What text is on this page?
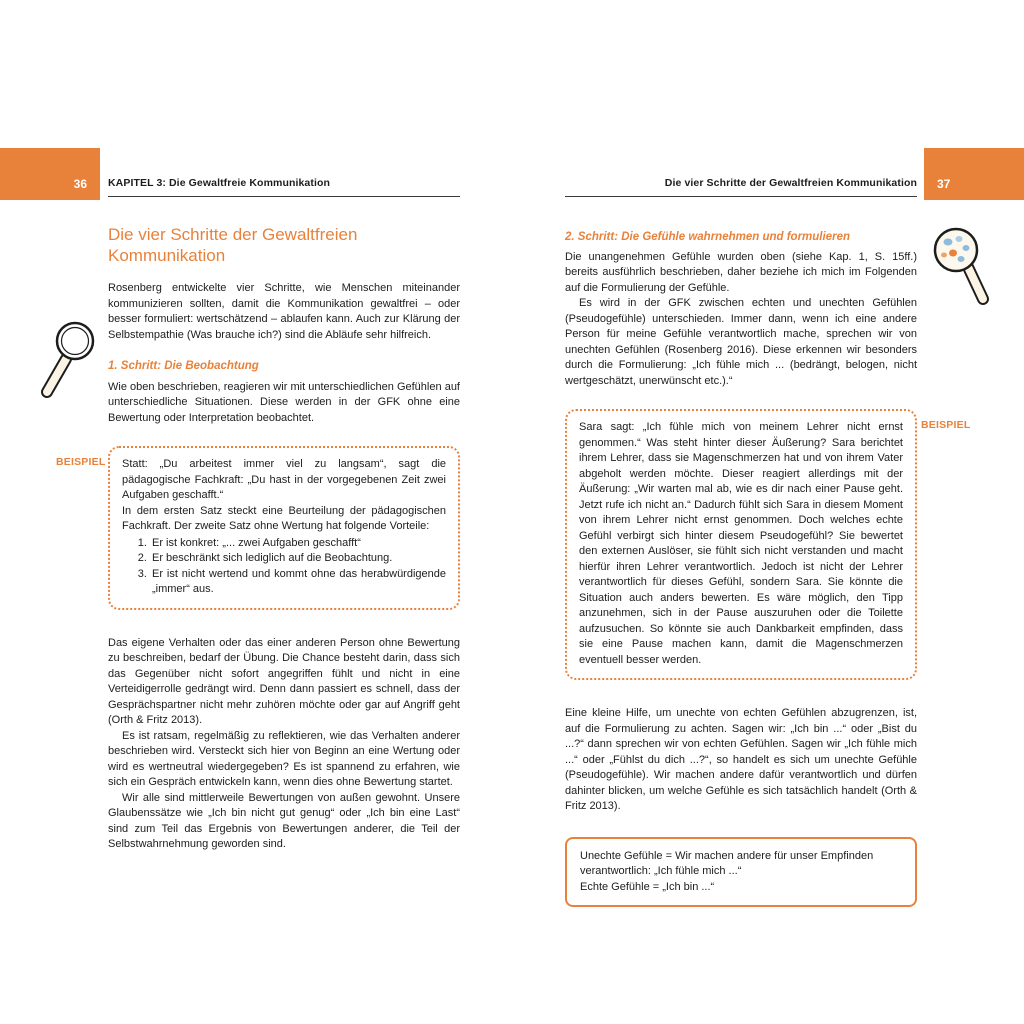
36	37
KAPITEL 3: Die Gewaltfreie Kommunikation	Die vier Schritte der Gewaltfreien Kommunikation
Die vier Schritte der Gewaltfreien Kommunikation

Rosenberg entwickelte vier Schritte, wie Menschen miteinander kommunizieren sollten, damit die Kommunikation gewaltfrei – oder besser formuliert: wertschätzend – ablaufen kann. Auch zur Klärung der Selbstempathie (Was brauche ich?) sind die Abläufe sehr hilfreich.

1. Schritt: Die Beobachtung

Wie oben beschrieben, reagieren wir mit unterschiedlichen Gefühlen auf unterschiedliche Situationen. Diese werden in der GFK ohne eine Bewertung oder Interpretation beobachtet.

BEISPIEL Statt: „Du arbeitest immer viel zu langsam“, sagt die pädagogische Fachkraft: „Du hast in der vorgegebenen Zeit zwei Aufgaben geschafft.“

In dem ersten Satz steckt eine Beurteilung der pädagogischen Fachkraft. Der zweite Satz ohne Wertung hat folgende Vorteile:

1. Er ist konkret: „... zwei Aufgaben geschafft“
2. Er beschränkt sich lediglich auf die Beobachtung.
3. Er ist nicht wertend und kommt ohne das herabwürdigende „immer“ aus.

Das eigene Verhalten oder das einer anderen Person ohne Bewertung zu beschreiben, bedarf der Übung. Die Chance besteht darin, dass sich das Gegenüber nicht sofort angegriffen fühlt und nicht in eine Verteidigerrolle gedrängt wird. Denn dann passiert es schnell, dass der Gesprächspartner nicht mehr zuhören möchte oder gar auf Angriff geht (Orth & Fritz 2013).

Es ist ratsam, regelmäßig zu reflektieren, wie das Verhalten anderer beschrieben wird. Versteckt sich hier von Beginn an eine Wertung oder wird es wertneutral wiedergegeben? Es ist spannend zu erfahren, wie sich ein Gespräch entwickeln kann, wenn dies ohne Bewertung startet.

Wir alle sind mittlerweile Bewertungen von außen gewohnt. Unsere Glaubenssätze wie „Ich bin nicht gut genug“ oder „Ich bin eine Last“ sind zum Teil das Ergebnis von Bewertungen anderer, die Teil der Selbstwahrnehmung geworden sind.

2. Schritt: Die Gefühle wahrnehmen und formulieren

Die unangenehmen Gefühle wurden oben (siehe Kap. 1, S. 15ff.) bereits ausführlich beschrieben, daher beziehe ich mich im Folgenden auf die Formulierung der Gefühle.

Es wird in der GFK zwischen echten und unechten Gefühlen (Pseudogefühle) unterschieden. Immer dann, wenn ich eine andere Person für meine Gefühle verantwortlich mache, sprechen wir von unechten Gefühlen (Rosenberg 2016). Diese erkennen wir besonders durch die Formulierung: „Ich fühle mich ... (bedrängt, belogen, nicht wertgeschätzt, unerwünscht etc.).“

BEISPIEL

Sara sagt: „Ich fühle mich von meinem Lehrer nicht ernst genommen.“ Was steht hinter dieser Äußerung? Sara berichtet ihrem Lehrer, dass sie Magenschmerzen hat und von ihrem Vater abgeholt werden möchte. Dieser reagiert allerdings mit der Äußerung: „Wir warten mal ab, wie es dir nach einer Pause geht. Jetzt rufe ich nicht an.“ Dadurch fühlt sich Sara in diesem Moment von ihrem Lehrer nicht ernst genommen. Doch welches echte Gefühl verbirgt sich hinter diesem Pseudogefühl? Sie bewertet den externen Auslöser, sie fühlt sich nicht verstanden und macht hierfür ihren Lehrer verantwortlich. Jedoch ist nicht der Lehrer verantwortlich für dieses Gefühl, sondern Sara. Sie könnte die Situation auch anders bewerten. Es wäre möglich, den Tipp anzunehmen, sich in der Pause auszuruhen oder die Toilette aufzusuchen. So könnte sie auch Dankbarkeit empfinden, dass sie eine Pause machen kann, damit die Magenschmerzen eventuell besser werden.

Eine kleine Hilfe, um unechte von echten Gefühlen abzugrenzen, ist, auf die Formulierung zu achten. Sagen wir: „Ich bin ...“ oder „Bist du ...?“ dann sprechen wir von echten Gefühlen. Sagen wir „Ich fühle mich ...“ oder „Fühlst du dich ...?“, so handelt es sich um unechte Gefühle (Pseudogefühle). Wir machen andere dafür verantwortlich und dürfen dahinter blicken, um welche Gefühle es sich tatsächlich handelt (Orth & Fritz 2013).

Unechte Gefühle = Wir machen andere für unser Empfinden verantwortlich: „Ich fühle mich ...“

Echte Gefühle = „Ich bin ...“
